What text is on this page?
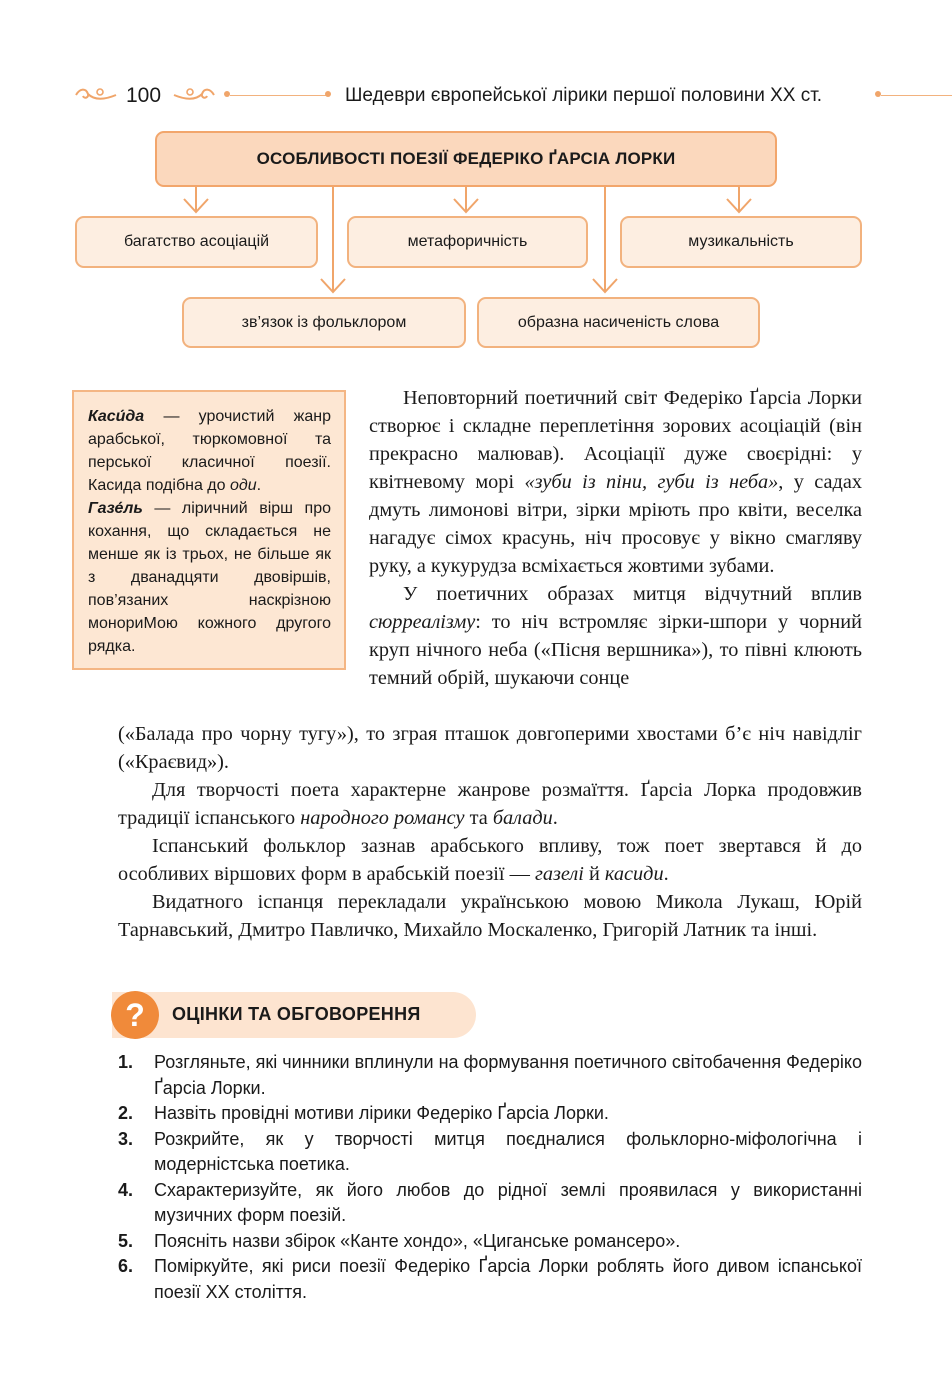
100	Шедеври європейської лірики першої половини ХХ ст.
ОСОБЛИВОСТІ ПОЕЗІЇ ФЕДЕРІКО ҐАРСІА ЛОРКИ
багатство асоціацій	метафоричність	музикальність
зв’язок із фольклором	образна насиченість слова

Каси́да — урочистий жанр арабської, тюркомовної та перської класичної поезії. Касида подібна до оди.

Газе́ль — ліричний вірш про кохання, що складається не менше як із трьох, не більше як з дванадцяти двовіршів, пов’язаних наскрізною монориМою кожного другого рядка.

Неповторний поетичний світ Федеріко Ґарсіа Лорки створює і складне переплетіння зорових асоціацій (він прекрасно малював). Асоціації дуже своєрідні: у квітневому морі «зуби із піни, губи із неба», у садах дмуть лимонові вітри, зірки мріють про квіти, веселка нагадує сімох красунь, ніч просовує у вікно смагляву руку, а кукурудза всміхається жовтими зубами.

У поетичних образах митця відчутний вплив сюрреалізму: то ніч встромляє зірки-шпори у чорний круп нічного неба («Пісня вершника»), то півні клюють темний обрій, шукаючи сонце

(«Балада про чорну тугу»), то зграя пташок довгоперими хвостами б’є ніч навідліг («Краєвид»).

Для творчості поета характерне жанрове розмаїття. Ґарсіа Лорка продовжив традиції іспанського народного романсу та балади.

Іспанський фольклор зазнав арабського впливу, тож поет звертався й до особливих віршових форм в арабській поезії — газелі й касиди.

Видатного іспанця перекладали українською мовою Микола Лукаш, Юрій Тарнавський, Дмитро Павличко, Михайло Москаленко, Григорій Латник та інші.

?	ОЦІНКИ ТА ОБГОВОРЕННЯ
1. Розгляньте, які чинники вплинули на формування поетичного світобачення Федеріко Ґарсіа Лорки.
2. Назвіть провідні мотиви лірики Федеріко Ґарсіа Лорки.
3. Розкрийте, як у творчості митця поєдналися фольклорно-міфологічна і модерністська поетика.
4. Схарактеризуйте, як його любов до рідної землі проявилася у використанні музичних форм поезій.
5. Поясніть назви збірок «Канте хондо», «Циганське романсеро».
6. Поміркуйте, які риси поезії Федеріко Ґарсіа Лорки роблять його дивом іспанської поезії ХХ століття.
